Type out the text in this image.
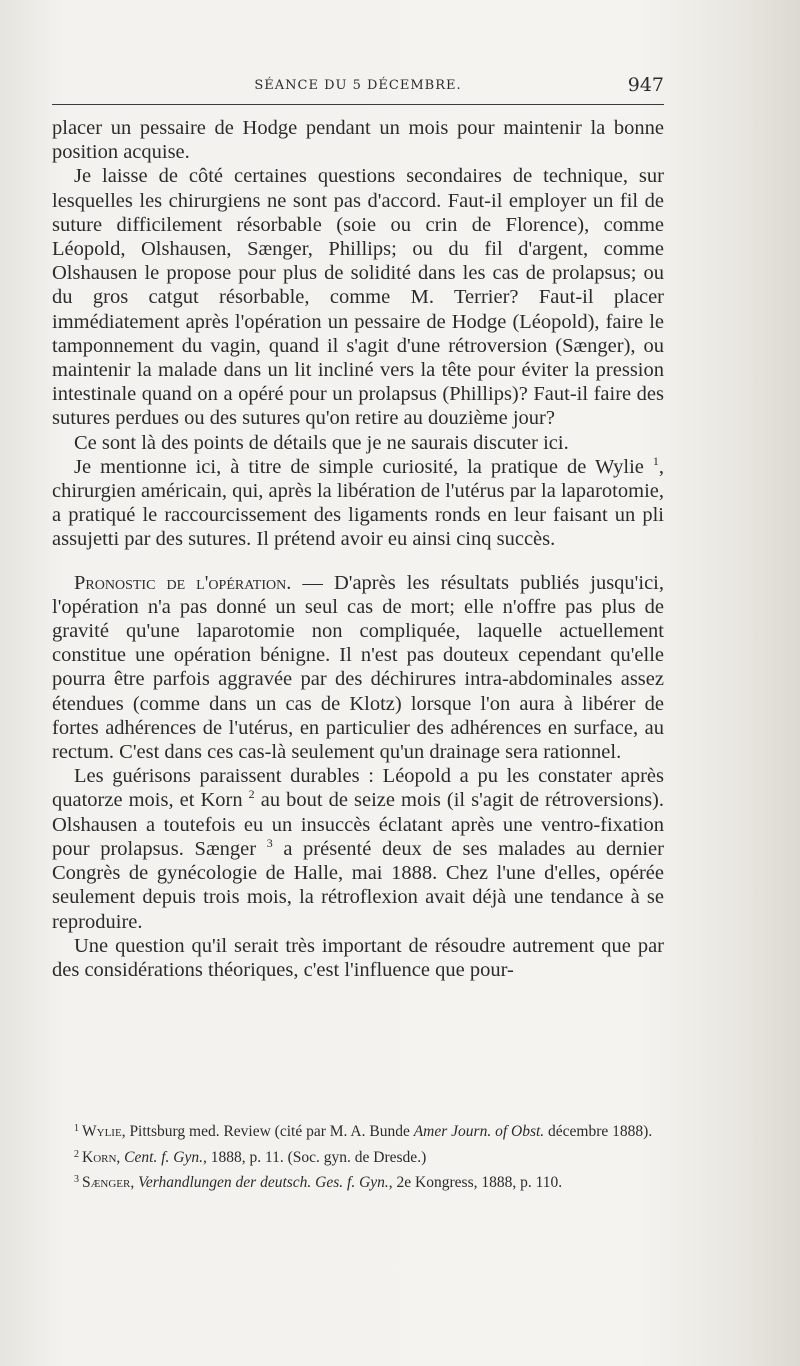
SÉANCE DU 5 DÉCEMBRE.	947

placer un pessaire de Hodge pendant un mois pour maintenir la bonne position acquise.

Je laisse de côté certaines questions secondaires de technique, sur lesquelles les chirurgiens ne sont pas d'accord. Faut-il employer un fil de suture difficilement résorbable (soie ou crin de Florence), comme Léopold, Olshausen, Sænger, Phillips; ou du fil d'argent, comme Olshausen le propose pour plus de solidité dans les cas de prolapsus; ou du gros catgut résorbable, comme M. Terrier? Faut-il placer immédiatement après l'opération un pessaire de Hodge (Léopold), faire le tamponnement du vagin, quand il s'agit d'une rétroversion (Sænger), ou maintenir la malade dans un lit incliné vers la tête pour éviter la pression intestinale quand on a opéré pour un prolapsus (Phillips)? Faut-il faire des sutures perdues ou des sutures qu'on retire au douzième jour?

Ce sont là des points de détails que je ne saurais discuter ici.

Je mentionne ici, à titre de simple curiosité, la pratique de Wylie $^1$, chirurgien américain, qui, après la libération de l'utérus par la laparotomie, a pratiqué le raccourcissement des ligaments ronds en leur faisant un pli assujetti par des sutures. Il prétend avoir eu ainsi cinq succès.

Pronostic de l'opération. — D'après les résultats publiés jusqu'ici, l'opération n'a pas donné un seul cas de mort; elle n'offre pas plus de gravité qu'une laparotomie non compliquée, laquelle actuellement constitue une opération bénigne. Il n'est pas douteux cependant qu'elle pourra être parfois aggravée par des déchirures intra-abdominales assez étendues (comme dans un cas de Klotz) lorsque l'on aura à libérer de fortes adhérences de l'utérus, en particulier des adhérences en surface, au rectum. C'est dans ces cas-là seulement qu'un drainage sera rationnel.

Les guérisons paraissent durables : Léopold a pu les constater après quatorze mois, et Korn $^2$ au bout de seize mois (il s'agit de rétroversions). Olshausen a toutefois eu un insuccès éclatant après une ventro-fixation pour prolapsus. Sænger $^3$ a présenté deux de ses malades au dernier Congrès de gynécologie de Halle, mai 1888. Chez l'une d'elles, opérée seulement depuis trois mois, la rétroflexion avait déjà une tendance à se reproduire.

Une question qu'il serait très important de résoudre autrement que par des considérations théoriques, c'est l'influence que pour-

$^1$ Wylie, Pittsburg med. Review (cité par M. A. Bunde Amer Journ. of Obst. décembre 1888).

$^2$ Korn, Cent. f. Gyn., 1888, p. 11. (Soc. gyn. de Dresde.)

$^3$ Sænger, Verhandlungen der deutsch. Ges. f. Gyn., 2e Kongress, 1888, p. 110.
